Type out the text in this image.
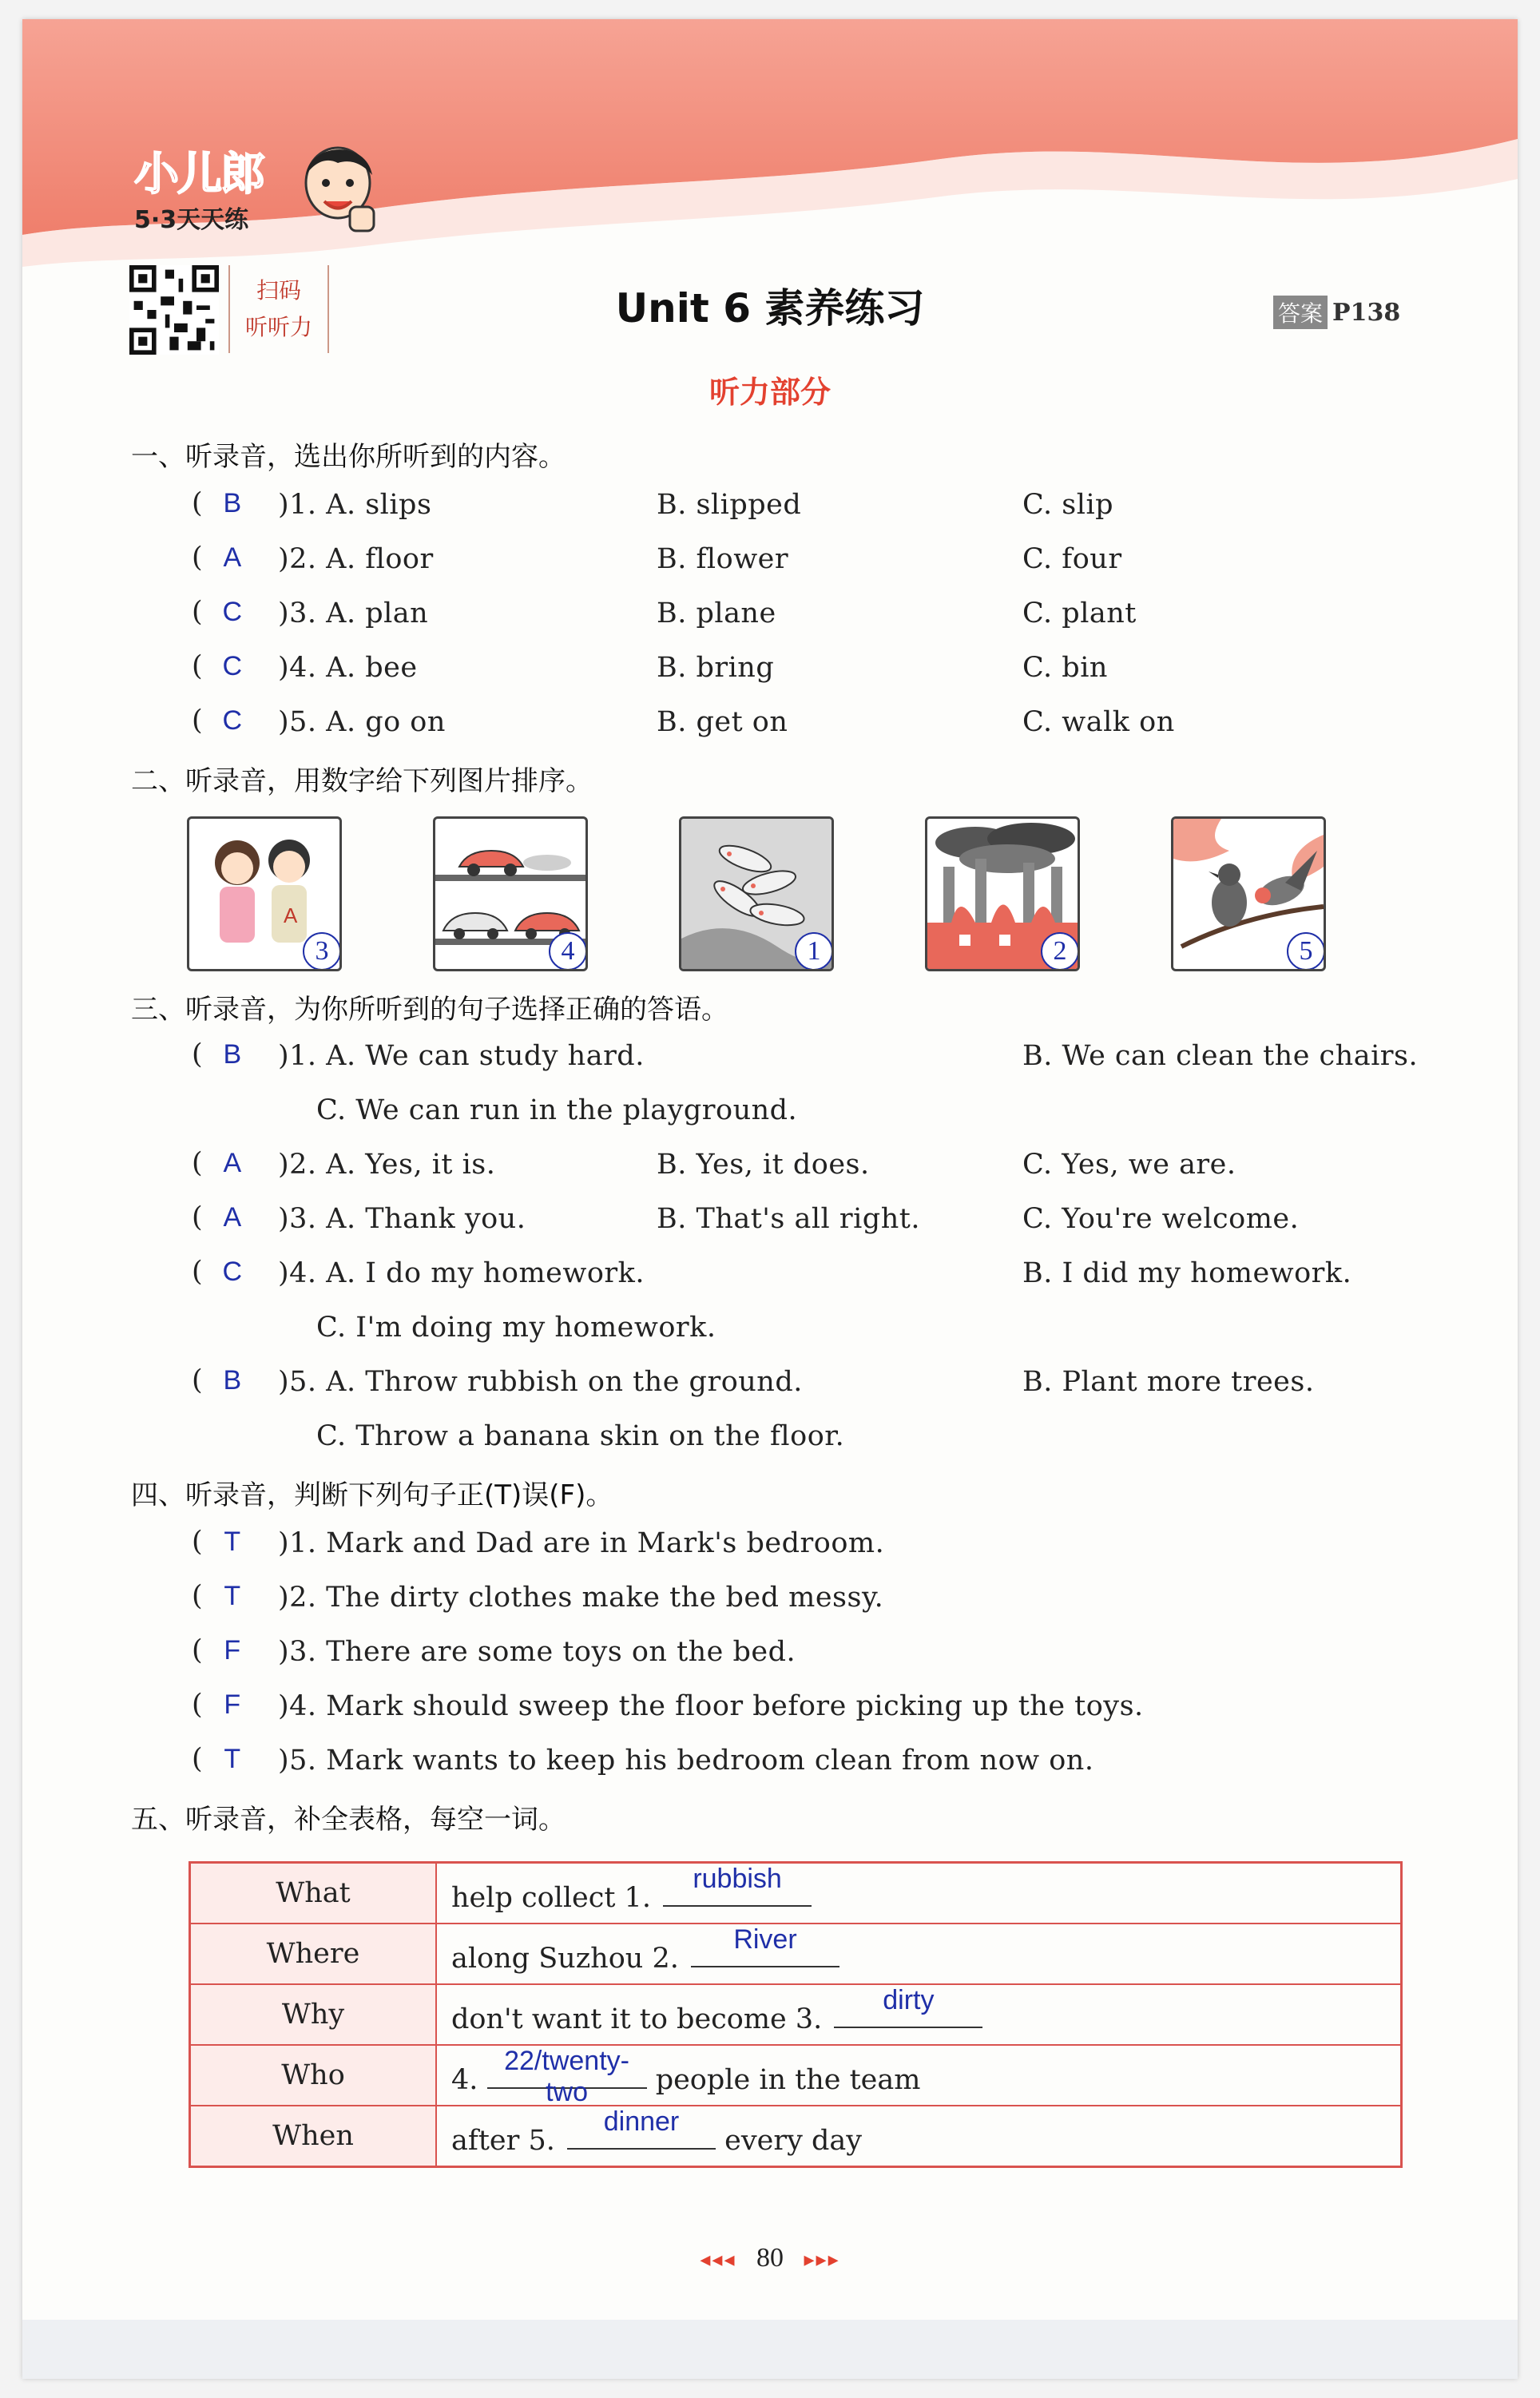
小儿郎
5·3天天练
扫码
听听力	Unit 6 素养练习	答案 P138
听力部分
一、听录音，选出你所听到的内容。
( B	)1. A. slips	B. slipped	C. slip
( A	)2. A. floor	B. flower	C. four
( C	)3. A. plan	B. plane	C. plant
( C	)4. A. bee	B. bring	C. bin
( C	)5. A. go on	B. get on	C. walk on
二、听录音，用数字给下列图片排序。
A
3	4	1	2	5
三、听录音，为你所听到的句子选择正确的答语。
( B	)1. A. We can study hard.	B. We can clean the chairs.
C. We can run in the playground.
( A	)2. A. Yes, it is.	B. Yes, it does.	C. Yes, we are.
( A	)3. A. Thank you.	B. That's all right.	C. You're welcome.
( C	)4. A. I do my homework.	B. I did my homework.
C. I'm doing my homework.
( B	)5. A. Throw rubbish on the ground.	B. Plant more trees.
C. Throw a banana skin on the floor.
四、听录音，判断下列句子正(T)误(F)。
( T	)1. Mark and Dad are in Mark's bedroom.
( T	)2. The dirty clothes make the bed messy.
( F	)3. There are some toys on the bed.
( F	)4. Mark should sweep the floor before picking up the toys.
( T	)5. Mark wants to keep his bedroom clean from now on.
五、听录音，补全表格，每空一词。
What	help collect 1.
rubbish

Where	along Suzhou 2.
River

Why	don't want it to become 3.
dirty

Who	4.
22/twenty-two people in the team
When	after 5.
dinner
every day
◂◂◂ 80 ▸▸▸
